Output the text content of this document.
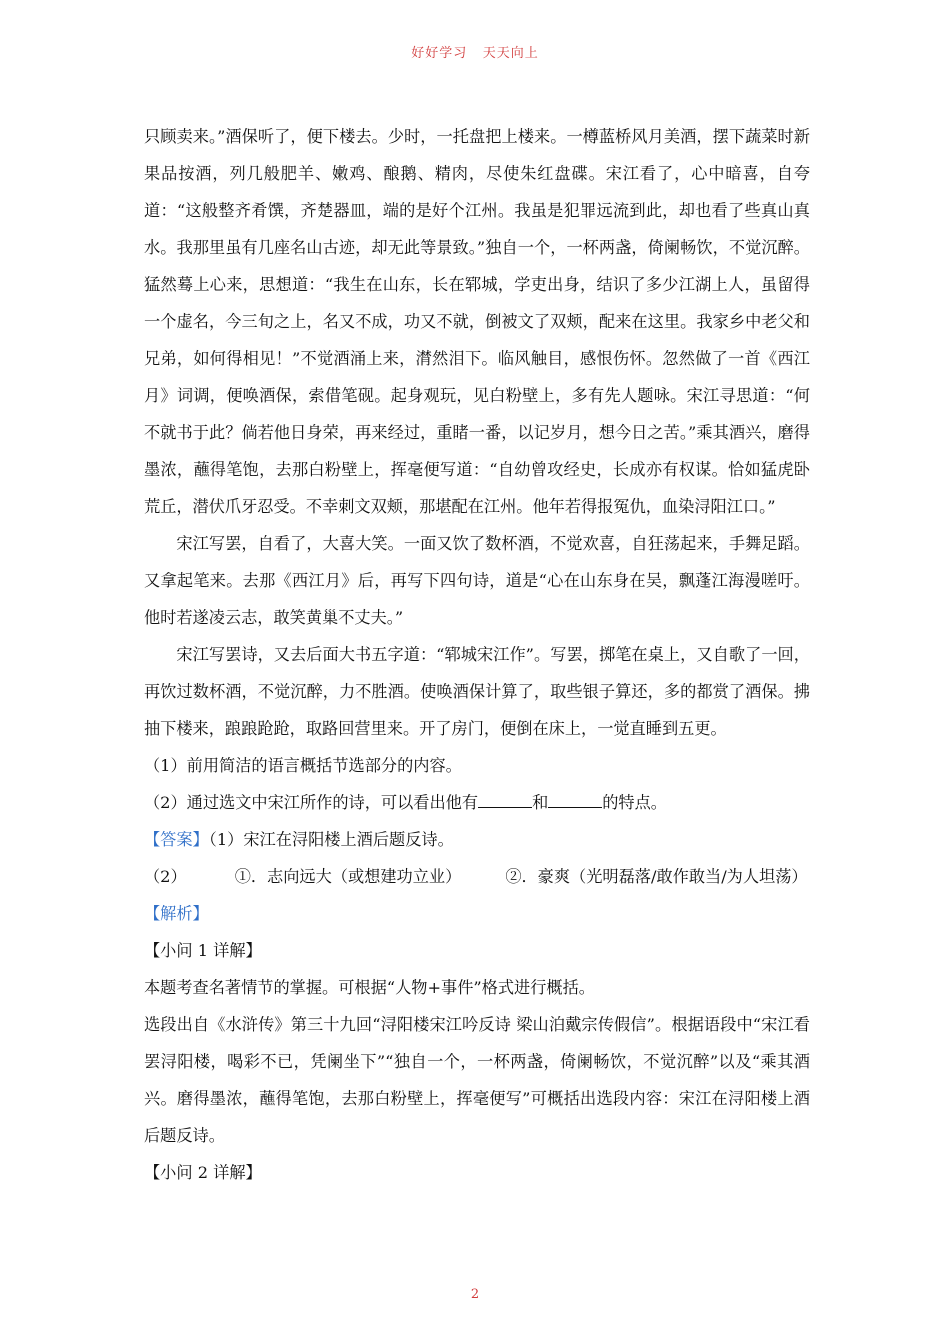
好好学习   天天向上

只顾卖来。”酒保听了，便下楼去。少时，一托盘把上楼来。一樽蓝桥风月美酒，摆下蔬菜时新果品按酒，列几般肥羊、嫩鸡、酿鹅、精肉，尽使朱红盘碟。宋江看了，心中暗喜，自夸道：“这般整齐肴馔，齐楚器皿，端的是好个江州。我虽是犯罪远流到此，却也看了些真山真水。我那里虽有几座名山古迹，却无此等景致。”独自一个，一杯两盏，倚阑畅饮，不觉沉醉。猛然蓦上心来，思想道：“我生在山东，长在郓城，学吏出身，结识了多少江湖上人，虽留得一个虚名，今三旬之上，名又不成，功又不就，倒被文了双颊，配来在这里。我家乡中老父和兄弟，如何得相见！”不觉酒涌上来，潸然泪下。临风触目，感恨伤怀。忽然做了一首《西江月》词调，便唤酒保，索借笔砚。起身观玩，见白粉壁上，多有先人题咏。宋江寻思道：“何不就书于此？倘若他日身荣，再来经过，重睹一番，以记岁月，想今日之苦。”乘其酒兴，磨得墨浓，蘸得笔饱，去那白粉壁上，挥毫便写道：“自幼曾攻经史，长成亦有权谋。恰如猛虎卧荒丘，潜伏爪牙忍受。不幸刺文双颊，那堪配在江州。他年若得报冤仇，血染浔阳江口。”

宋江写罢，自看了，大喜大笑。一面又饮了数杯酒，不觉欢喜，自狂荡起来，手舞足蹈。又拿起笔来。去那《西江月》后，再写下四句诗，道是“心在山东身在吴，飘蓬江海漫嗟吁。他时若遂凌云志，敢笑黄巢不丈夫。”

宋江写罢诗，又去后面大书五字道：“郓城宋江作”。写罢，掷笔在桌上，又自歌了一回，再饮过数杯酒，不觉沉醉，力不胜酒。使唤酒保计算了，取些银子算还，多的都赏了酒保。拂抽下楼来，踉踉跄跄，取路回营里来。开了房门，便倒在床上，一觉直睡到五更。

（1）前用简洁的语言概括节选部分的内容。

（2）通过选文中宋江所作的诗，可以看出他有	和	的特点。

【答案】（1）宋江在浔阳楼上酒后题反诗。

（2）	①．志向远大（或想建功立业）	②．豪爽（光明磊落/敢作敢当/为人坦荡）

【解析】

【小问 1 详解】

本题考查名著情节的掌握。可根据“人物+事件”格式进行概括。

选段出自《水浒传》第三十九回“浔阳楼宋江吟反诗 梁山泊戴宗传假信”。根据语段中“宋江看罢浔阳楼，喝彩不已，凭阑坐下”“独自一个，一杯两盏，倚阑畅饮，不觉沉醉”以及“乘其酒兴。磨得墨浓，蘸得笔饱，去那白粉壁上，挥毫便写”可概括出选段内容：宋江在浔阳楼上酒后题反诗。

【小问 2 详解】

2
